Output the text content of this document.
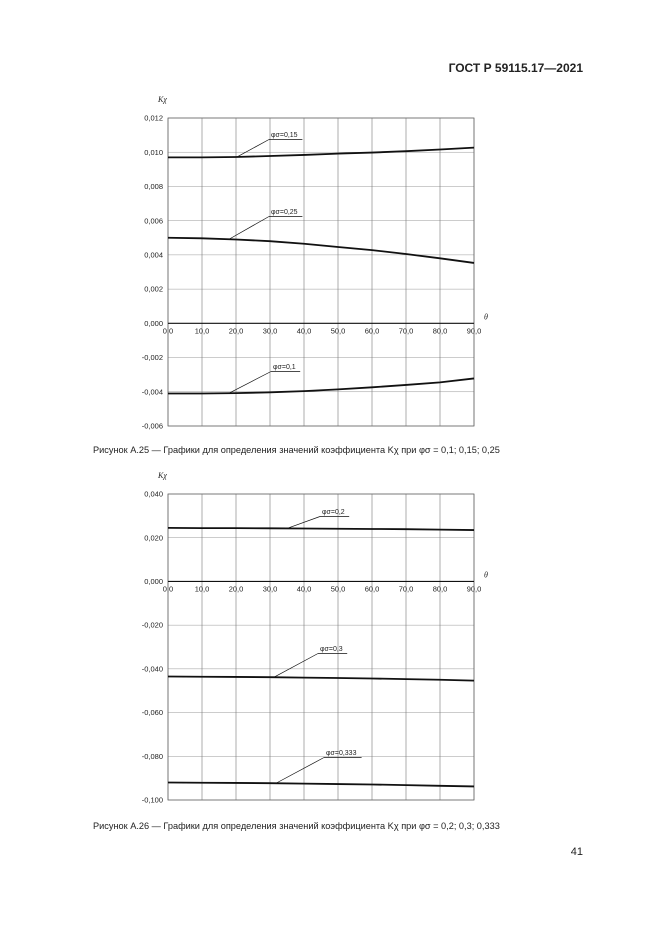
ГОСТ Р 59115.17—2021
0,012
0,010
0,008
0,006
0,004
0,002
0,000
-0,002
-0,004
-0,006
0,0	10,0	20,0	30,0	40,0	50,0	60,0	70,0	80,0	90,0
Kχ
θ
φσ=0,15
φσ=0,25
φσ=0,1
Рисунок А.25 — Графики для определения значений коэффициента Kχ при φσ = 0,1; 0,15; 0,25
0,040
0,020
0,000
-0,020
-0,040
-0,060
-0,080
-0,100
0,0	10,0	20,0	30,0	40,0	50,0	60,0	70,0	80,0	90,0
Kχ
θ
φσ=0,2
φσ=0,3
φσ=0,333
Рисунок А.26 — Графики для определения значений коэффициента Kχ при φσ = 0,2; 0,3; 0,333
41
